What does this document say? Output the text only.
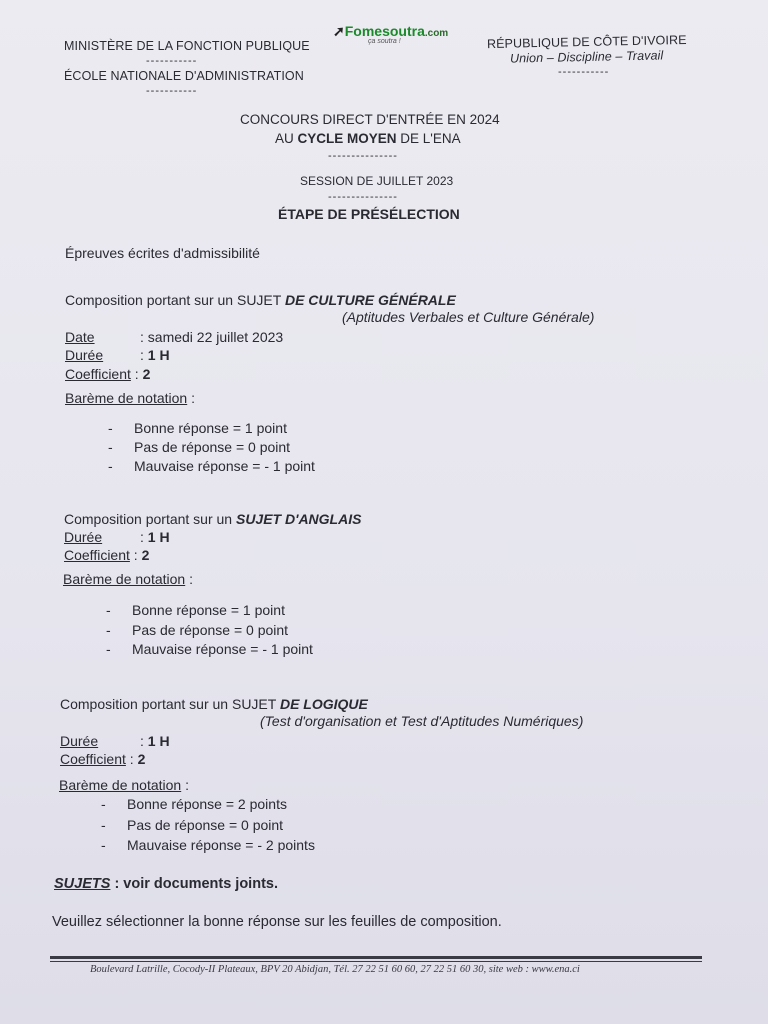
MINISTÈRE DE LA FONCTION PUBLIQUE
-----------
ÉCOLE NATIONALE D'ADMINISTRATION
-----------
➚Fomesoutra.com
ça soutra !	RÉPUBLIQUE DE CÔTE D'IVOIRE
Union – Discipline – Travail
-----------
CONCOURS DIRECT D'ENTRÉE EN 2024
AU CYCLE MOYEN DE L'ENA
---------------
SESSION DE JUILLET 2023
---------------
ÉTAPE DE PRÉSÉLECTION
Épreuves écrites d'admissibilité
Composition portant sur un SUJET DE CULTURE GÉNÉRALE
(Aptitudes Verbales et Culture Générale)
Date	: samedi 22 juillet 2023
Durée	: 1 H
Coefficient : 2
Barème de notation :
- Bonne réponse = 1 point
- Pas de réponse = 0 point
- Mauvaise réponse = - 1 point
Composition portant sur un SUJET D'ANGLAIS
Durée	: 1 H
Coefficient : 2
Barème de notation :
- Bonne réponse = 1 point
- Pas de réponse = 0 point
- Mauvaise réponse = - 1 point
Composition portant sur un SUJET DE LOGIQUE
(Test d'organisation et Test d'Aptitudes Numériques)
Durée	: 1 H
Coefficient : 2
Barème de notation :
- Bonne réponse = 2 points
- Pas de réponse = 0 point
- Mauvaise réponse = - 2 points
SUJETS : voir documents joints.
Veuillez sélectionner la bonne réponse sur les feuilles de composition.
Boulevard Latrille, Cocody-II Plateaux, BPV 20 Abidjan, Tél. 27 22 51 60 60, 27 22 51 60 30, site web : www.ena.ci
